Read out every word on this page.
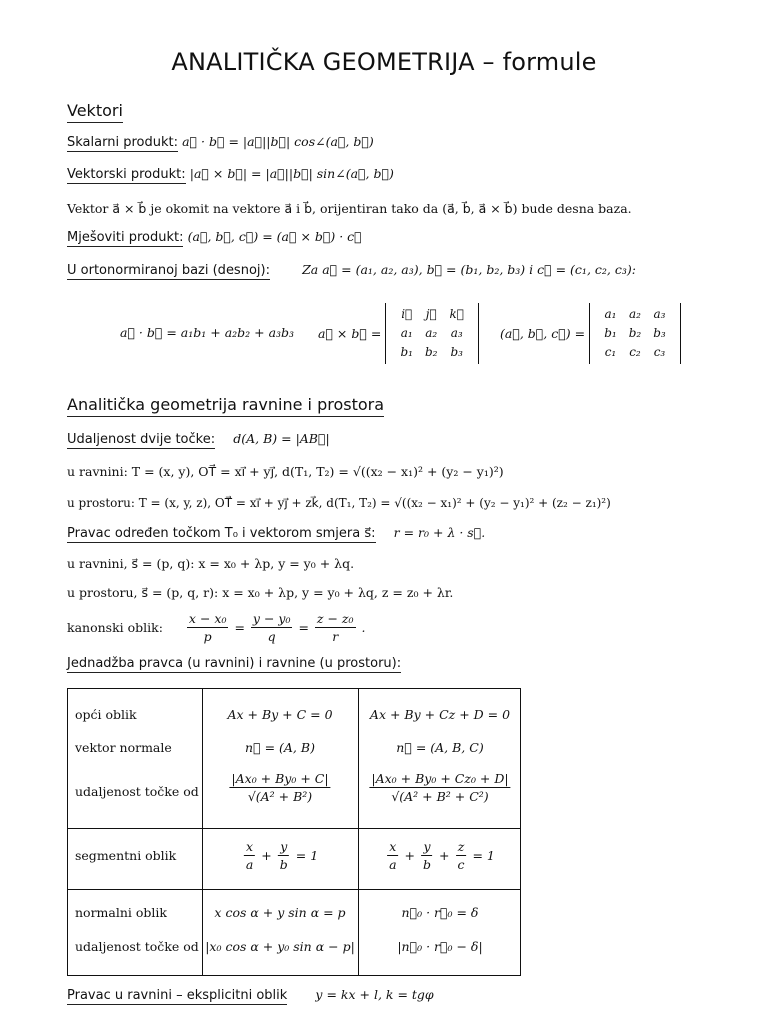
ANALITIČKA GEOMETRIJA – formule
Vektori
Skalarni produkt: a⃗ · b⃗ = |a⃗||b⃗| cos∠(a⃗, b⃗)
Vektorski produkt: |a⃗ × b⃗| = |a⃗||b⃗| sin∠(a⃗, b⃗)
Vektor a⃗ × b⃗ je okomit na vektore a⃗ i b⃗, orijentiran tako da (a⃗, b⃗, a⃗ × b⃗) bude desna baza.
Mješoviti produkt: (a⃗, b⃗, c⃗) = (a⃗ × b⃗) · c⃗
U ortonormiranoj bazi (desnoj):	Za a⃗ = (a₁, a₂, a₃), b⃗ = (b₁, b₂, b₃) i c⃗ = (c₁, c₂, c₃):
a⃗ · b⃗ = a₁b₁ + a₂b₂ + a₃b₃ a⃗ × b⃗ =
i⃗	j⃗	k⃗
a₁	a₂	a₃
b₁	b₂	b₃
(a⃗, b⃗, c⃗) =
a₁	a₂	a₃
b₁	b₂	b₃
c₁	c₂	c₃
Analitička geometrija ravnine i prostora
Udaljenost dvije točke: d(A, B) = |AB⃗|
u ravnini: T = (x, y), OT⃗ = xi⃗ + yj⃗, d(T₁, T₂) = √((x₂ − x₁)² + (y₂ − y₁)²)
u prostoru: T = (x, y, z), OT⃗ = xi⃗ + yj⃗ + zk⃗, d(T₁, T₂) = √((x₂ − x₁)² + (y₂ − y₁)² + (z₂ − z₁)²)
Pravac određen točkom T₀ i vektorom smjera s⃗: r = r₀ + λ · s⃗.
u ravnini, s⃗ = (p, q): x = x₀ + λp, y = y₀ + λq.
u prostoru, s⃗ = (p, q, r): x = x₀ + λp, y = y₀ + λq, z = z₀ + λr.
kanonski oblik: $\frac{\text{x − x₀}}{p} = \frac{\text{y − y₀}}{q} = \frac{\text{z − z₀}}{r}$ .
Jednadžba pravca (u ravnini) i ravnine (u prostoru):
opći oblik	Ax + By + C = 0	Ax + By + Cz + D = 0
vektor normale	n⃗ = (A, B)	n⃗ = (A, B, C)
udaljenost točke od $\frac{\text{|Ax₀ + By₀ + C|}}{\text{√(A² + B²)}}$	$\frac{\text{|Ax₀ + By₀ + Cz₀ + D|}}{\text{√(A² + B² + C²)}}$
segmentni oblik	$\frac{x}{a} + \frac{y}{b} = 1$	$\frac{x}{a} + \frac{y}{b} + \frac{z}{c} = 1$
normalni oblik	x cos α + y sin α = p	n⃗₀ · r⃗₀ = δ
udaljenost točke od |x₀ cos α + y₀ sin α − p|	|n⃗₀ · r⃗₀ − δ|
Pravac u ravnini – eksplicitni oblik y = kx + l, k = tgφ
